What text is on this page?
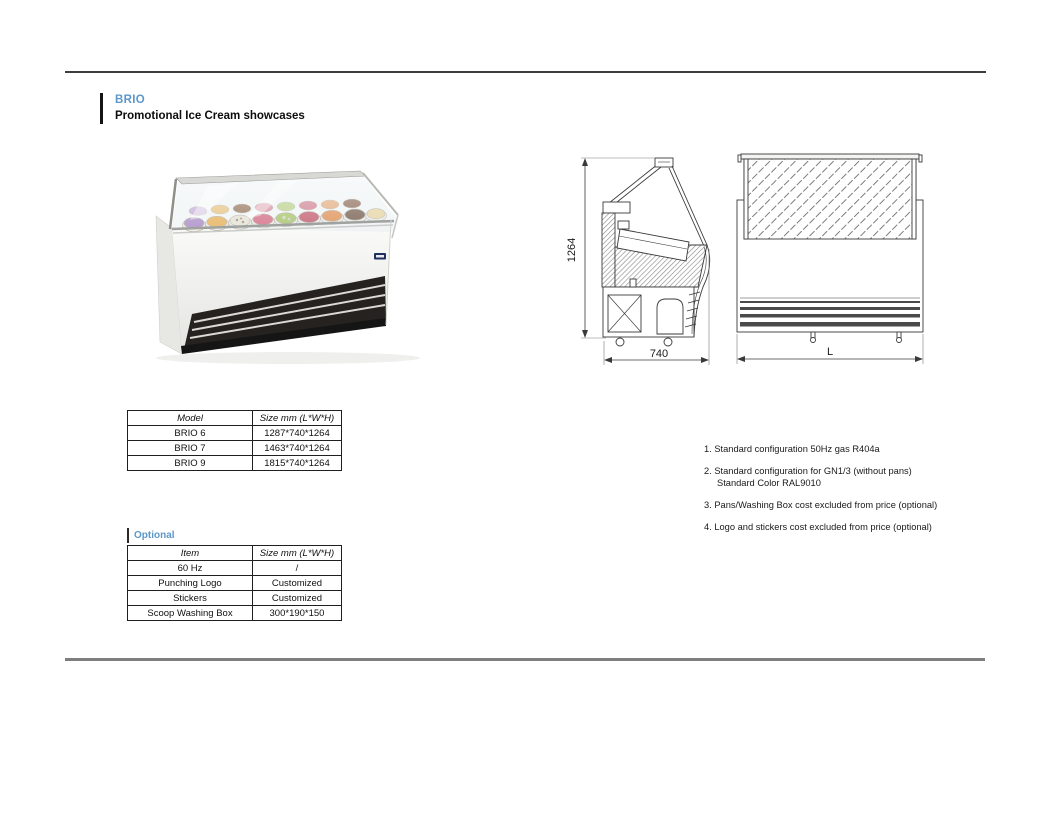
BRIO
Promotional Ice Cream showcases
1264
740	L
Model	Size mm (L*W*H)
BRIO 6	1287*740*1264
BRIO 7	1463*740*1264
BRIO 9	1815*740*1264
Optional
Item	Size mm (L*W*H)
60 Hz	/
Punching Logo	Customized
Stickers	Customized
Scoop Washing Box	300*190*150
1. Standard configuration 50Hz gas R404a
2. Standard configuration for GN1/3 (without pans)
Standard Color RAL9010
3. Pans/Washing Box cost excluded from price (optional)
4. Logo and stickers cost excluded from price (optional)
